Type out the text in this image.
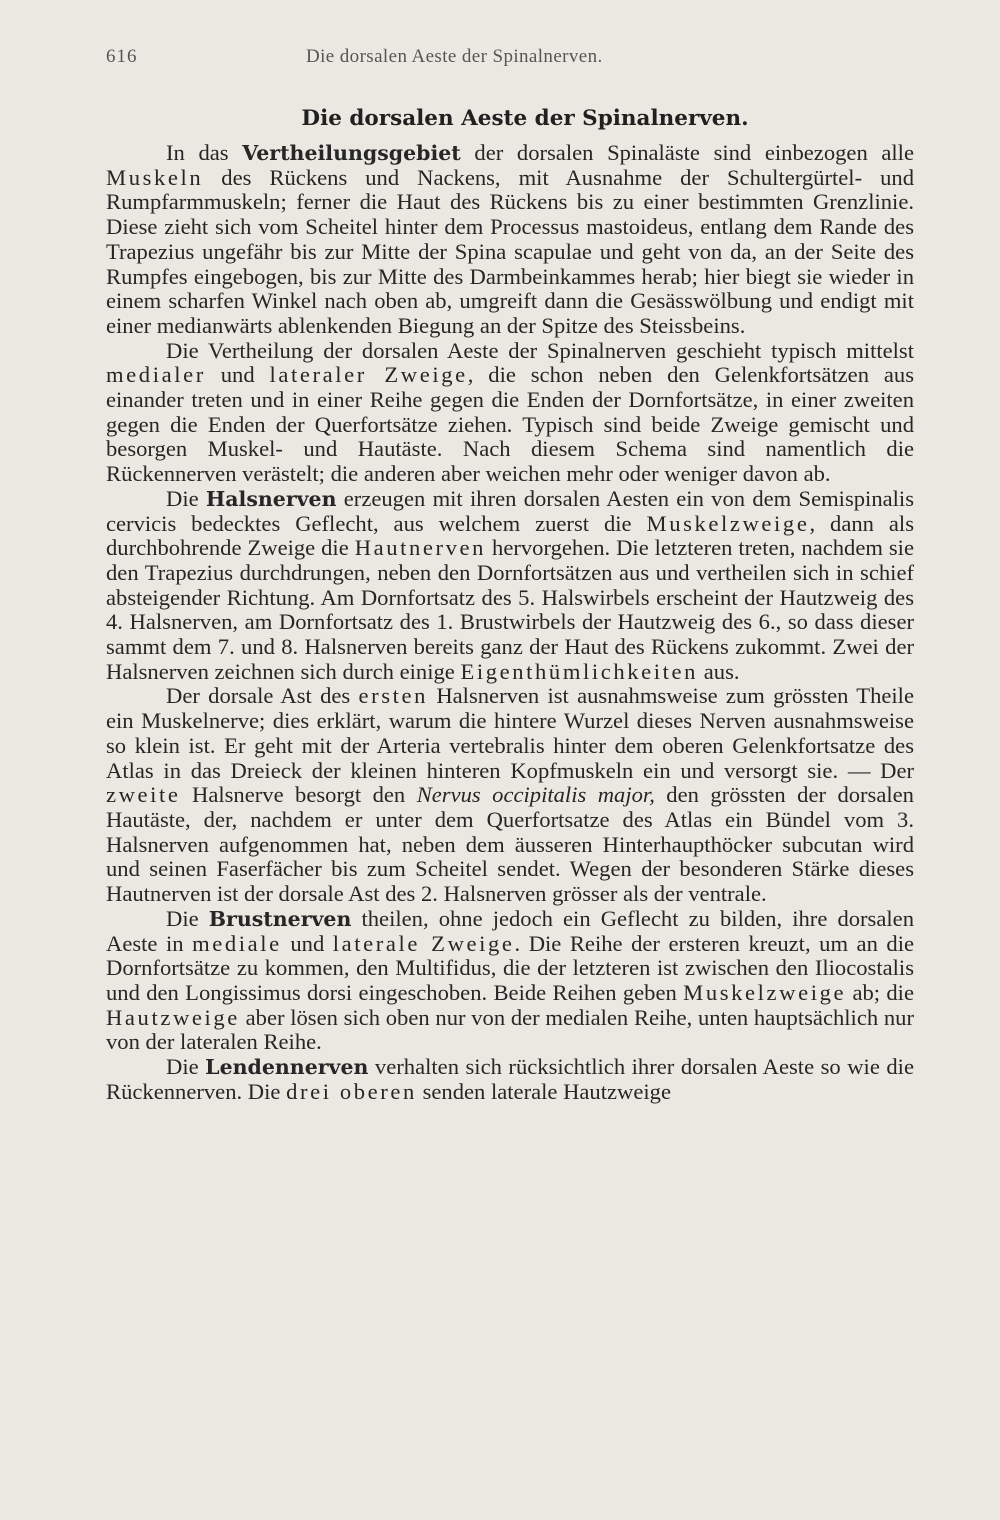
616	Die dorsalen Aeste der Spinalnerven.
Die dorsalen Aeste der Spinalnerven.

In das Vertheilungsgebiet der dorsalen Spinaläste sind einbezogen alle Muskeln des Rückens und Nackens, mit Ausnahme der Schultergürtel- und Rumpfarmmuskeln; ferner die Haut des Rückens bis zu einer bestimmten Grenzlinie. Diese zieht sich vom Scheitel hinter dem Processus mastoideus, entlang dem Rande des Trapezius ungefähr bis zur Mitte der Spina scapulae und geht von da, an der Seite des Rumpfes eingebogen, bis zur Mitte des Darmbeinkammes herab; hier biegt sie wieder in einem scharfen Winkel nach oben ab, umgreift dann die Gesässwölbung und endigt mit einer medianwärts ablenkenden Biegung an der Spitze des Steissbeins.

Die Vertheilung der dorsalen Aeste der Spinalnerven geschieht typisch mittelst medialer und lateraler Zweige, die schon neben den Gelenkfortsätzen aus einander treten und in einer Reihe gegen die Enden der Dornfortsätze, in einer zweiten gegen die Enden der Querfortsätze ziehen. Typisch sind beide Zweige gemischt und besorgen Muskel- und Hautäste. Nach diesem Schema sind namentlich die Rückennerven verästelt; die anderen aber weichen mehr oder weniger davon ab.

Die Halsnerven erzeugen mit ihren dorsalen Aesten ein von dem Semispinalis cervicis bedecktes Geflecht, aus welchem zuerst die Muskelzweige, dann als durchbohrende Zweige die Hautnerven hervorgehen. Die letzteren treten, nachdem sie den Trapezius durchdrungen, neben den Dornfortsätzen aus und vertheilen sich in schief absteigender Richtung. Am Dornfortsatz des 5. Halswirbels erscheint der Hautzweig des 4. Halsnerven, am Dornfortsatz des 1. Brustwirbels der Hautzweig des 6., so dass dieser sammt dem 7. und 8. Halsnerven bereits ganz der Haut des Rückens zukommt. Zwei der Halsnerven zeichnen sich durch einige Eigenthümlichkeiten aus.

Der dorsale Ast des ersten Halsnerven ist ausnahmsweise zum grössten Theile ein Muskelnerve; dies erklärt, warum die hintere Wurzel dieses Nerven ausnahmsweise so klein ist. Er geht mit der Arteria vertebralis hinter dem oberen Gelenkfortsatze des Atlas in das Dreieck der kleinen hinteren Kopfmuskeln ein und versorgt sie. — Der zweite Halsnerve besorgt den Nervus occipitalis major, den grössten der dorsalen Hautäste, der, nachdem er unter dem Querfortsatze des Atlas ein Bündel vom 3. Halsnerven aufgenommen hat, neben dem äusseren Hinterhaupthöcker subcutan wird und seinen Faserfächer bis zum Scheitel sendet. Wegen der besonderen Stärke dieses Hautnerven ist der dorsale Ast des 2. Halsnerven grösser als der ventrale.

Die Brustnerven theilen, ohne jedoch ein Geflecht zu bilden, ihre dorsalen Aeste in mediale und laterale Zweige. Die Reihe der ersteren kreuzt, um an die Dornfortsätze zu kommen, den Multifidus, die der letzteren ist zwischen den Iliocostalis und den Longissimus dorsi eingeschoben. Beide Reihen geben Muskelzweige ab; die Hautzweige aber lösen sich oben nur von der medialen Reihe, unten hauptsächlich nur von der lateralen Reihe.

Die Lendennerven verhalten sich rücksichtlich ihrer dorsalen Aeste so wie die Rückennerven. Die drei oberen senden laterale Hautzweige
